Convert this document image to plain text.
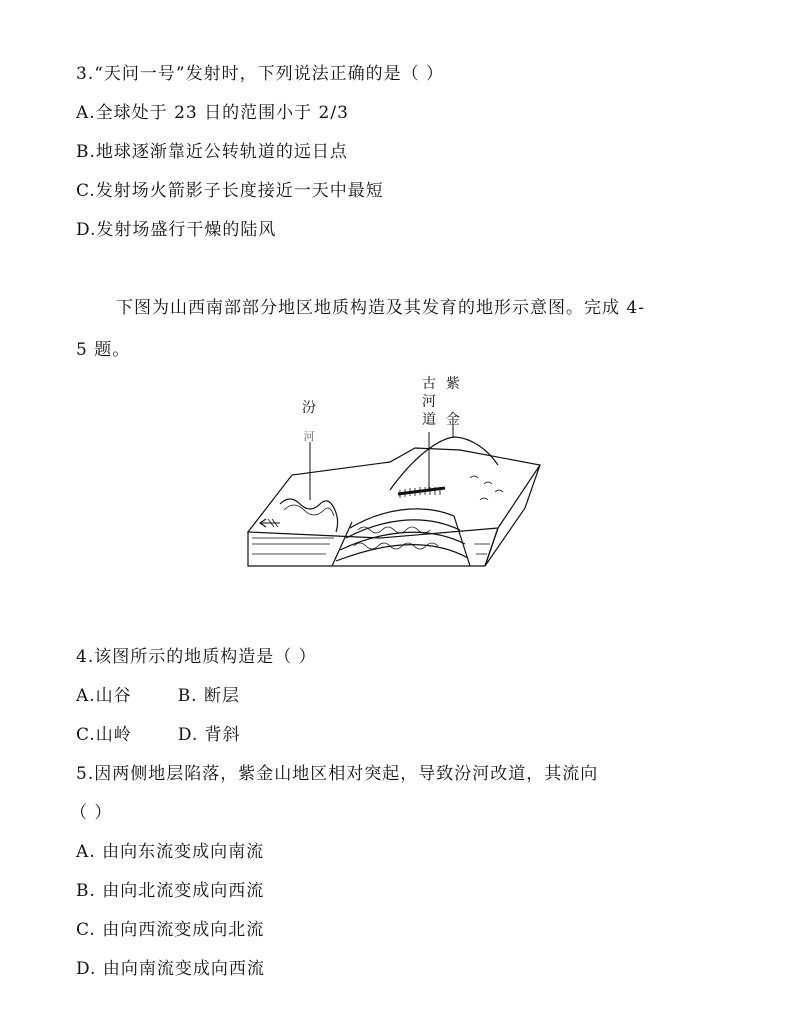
3.“天问一号”发射时，下列说法正确的是（ ）
A.全球处于 23 日的范围小于 2/3
B.地球逐渐靠近公转轨道的远日点
C.发射场火箭影子长度接近一天中最短
D.发射场盛行干燥的陆风
下图为山西南部部分地区地质构造及其发育的地形示意图。完成 4-
5 题。
汾
河
古
河
道
紫
金
4.该图所示的地质构造是（ ）
A.山谷	B. 断层
C.山岭	D. 背斜
5.因两侧地层陷落，紫金山地区相对突起，导致汾河改道，其流向
（ ）
A. 由向东流变成向南流
B. 由向北流变成向西流
C. 由向西流变成向北流
D. 由向南流变成向西流
